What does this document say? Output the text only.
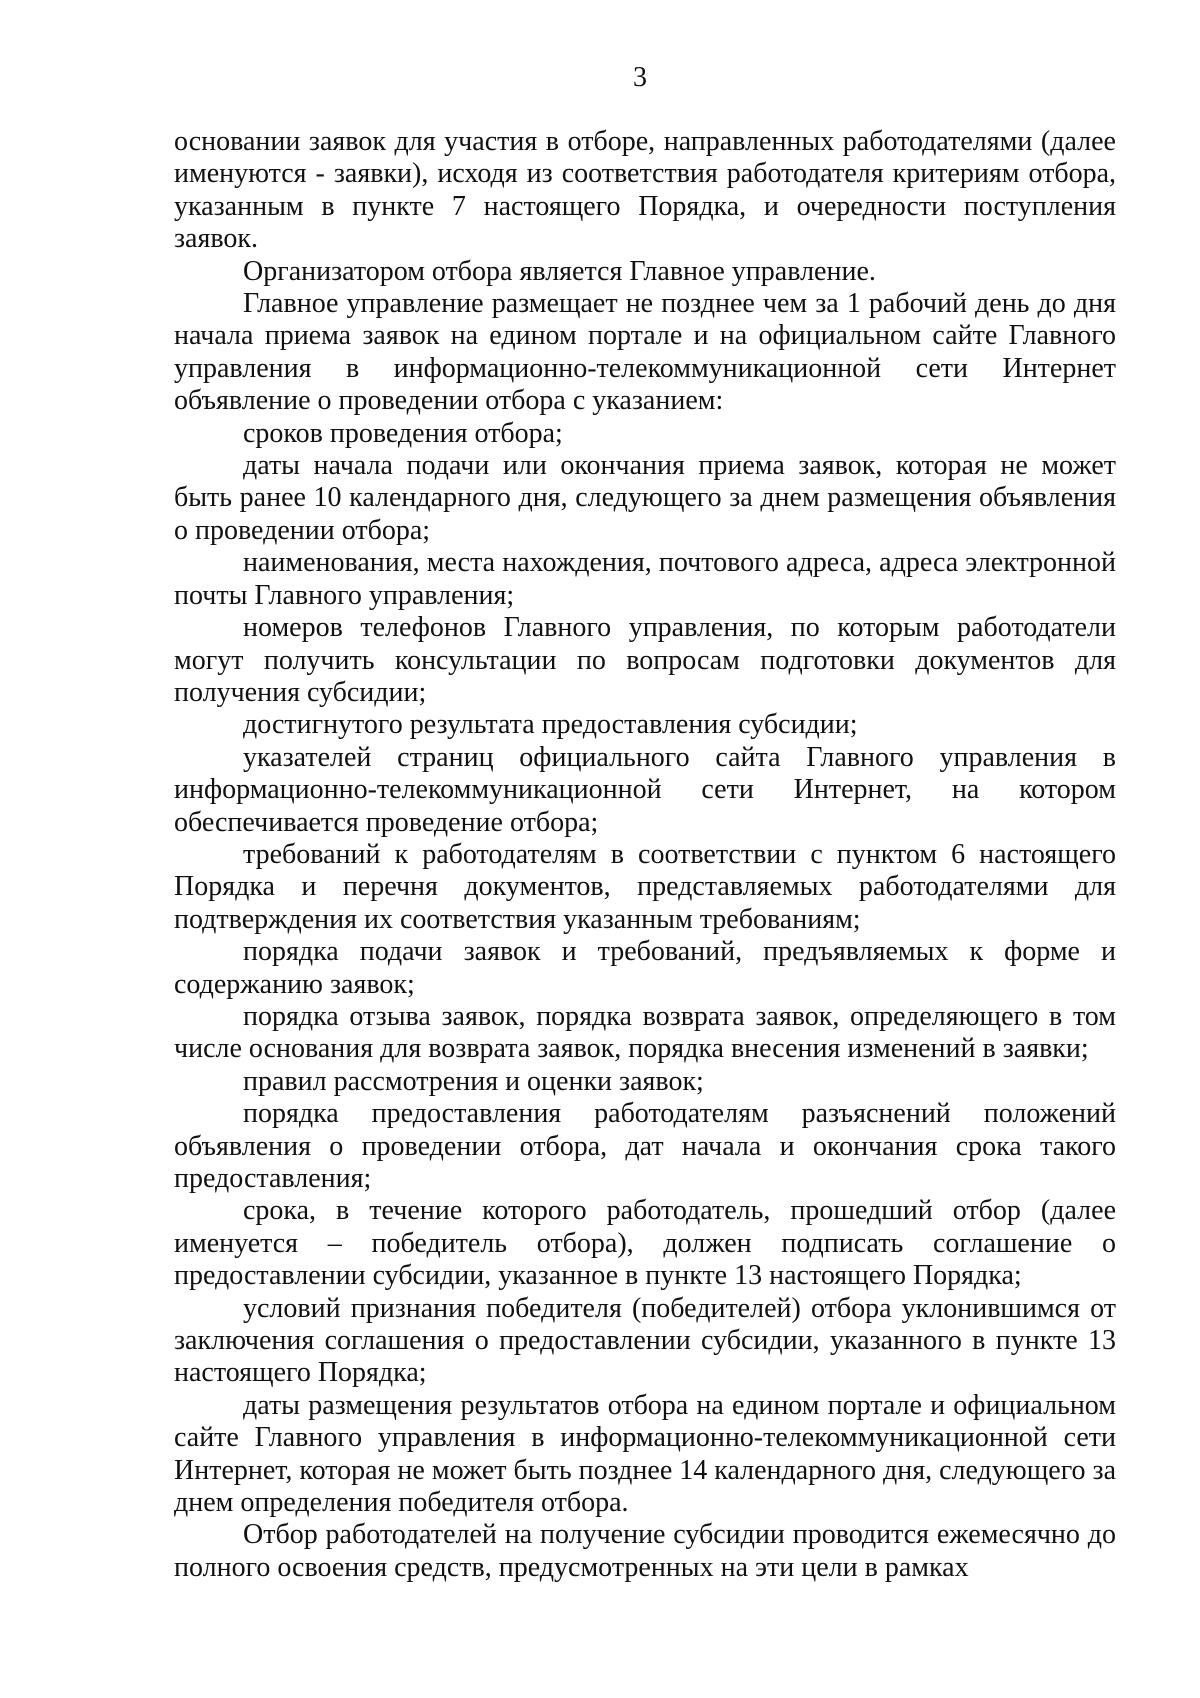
3

основании заявок для участия в отборе, направленных работодателями (далее именуются - заявки), исходя из соответствия работодателя критериям отбора, указанным в пункте 7 настоящего Порядка, и очередности поступления заявок.

Организатором отбора является Главное управление.

Главное управление размещает не позднее чем за 1 рабочий день до дня начала приема заявок на едином портале и на официальном сайте Главного управления в информационно-телекоммуникационной сети Интернет объявление о проведении отбора с указанием:

сроков проведения отбора;

даты начала подачи или окончания приема заявок, которая не может быть ранее 10 календарного дня, следующего за днем размещения объявления о проведении отбора;

наименования, места нахождения, почтового адреса, адреса электронной почты Главного управления;

номеров телефонов Главного управления, по которым работодатели могут получить консультации по вопросам подготовки документов для получения субсидии;

достигнутого результата предоставления субсидии;

указателей страниц официального сайта Главного управления в информационно-телекоммуникационной сети Интернет, на котором обеспечивается проведение отбора;

требований к работодателям в соответствии с пунктом 6 настоящего Порядка и перечня документов, представляемых работодателями для подтверждения их соответствия указанным требованиям;

порядка подачи заявок и требований, предъявляемых к форме и содержанию заявок;

порядка отзыва заявок, порядка возврата заявок, определяющего в том числе основания для возврата заявок, порядка внесения изменений в заявки;

правил рассмотрения и оценки заявок;

порядка предоставления работодателям разъяснений положений объявления о проведении отбора, дат начала и окончания срока такого предоставления;

срока, в течение которого работодатель, прошедший отбор (далее именуется – победитель отбора), должен подписать соглашение о предоставлении субсидии, указанное в пункте 13 настоящего Порядка;

условий признания победителя (победителей) отбора уклонившимся от заключения соглашения о предоставлении субсидии, указанного в пункте 13 настоящего Порядка;

даты размещения результатов отбора на едином портале и официальном сайте Главного управления в информационно-телекоммуникационной сети Интернет, которая не может быть позднее 14 календарного дня, следующего за днем определения победителя отбора.

Отбор работодателей на получение субсидии проводится ежемесячно до полного освоения средств, предусмотренных на эти цели в рамках
